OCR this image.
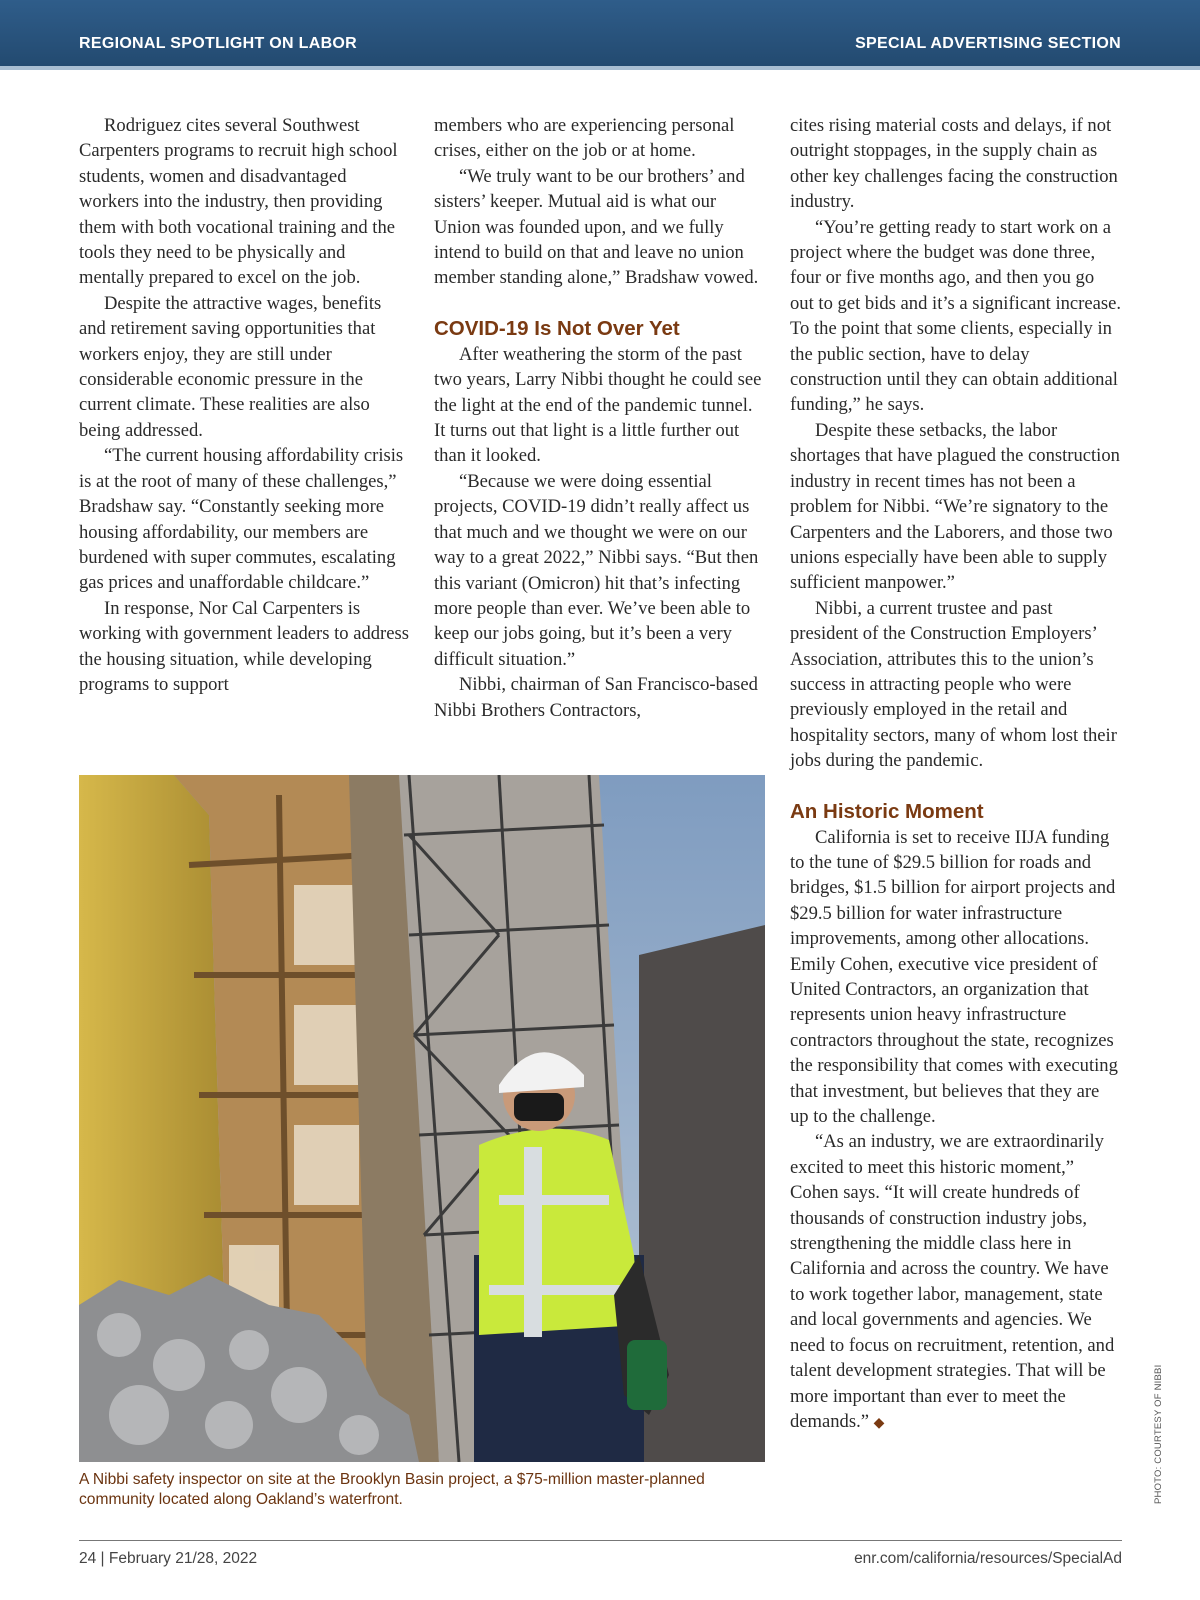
REGIONAL SPOTLIGHT ON LABOR	SPECIAL ADVERTISING SECTION

Rodriguez cites several Southwest Carpenters programs to recruit high school students, women and disadvantaged workers into the industry, then providing them with both vocational training and the tools they need to be physically and mentally prepared to excel on the job.

Despite the attractive wages, benefits and retirement saving opportunities that workers enjoy, they are still under considerable economic pressure in the current climate. These realities are also being addressed.

“The current housing affordability crisis is at the root of many of these challenges,” Bradshaw say. “Constantly seeking more housing affordability, our members are burdened with super commutes, escalating gas prices and unaffordable childcare.”

In response, Nor Cal Carpenters is working with government leaders to address the housing situation, while developing programs to support

members who are experiencing personal crises, either on the job or at home.

“We truly want to be our brothers’ and sisters’ keeper. Mutual aid is what our Union was founded upon, and we fully intend to build on that and leave no union member standing alone,” Bradshaw vowed.

COVID-19 Is Not Over Yet

After weathering the storm of the past two years, Larry Nibbi thought he could see the light at the end of the pandemic tunnel. It turns out that light is a little further out than it looked.

“Because we were doing essential projects, COVID-19 didn’t really affect us that much and we thought we were on our way to a great 2022,” Nibbi says. “But then this variant (Omicron) hit that’s infecting more people than ever. We’ve been able to keep our jobs going, but it’s been a very difficult situation.”

Nibbi, chairman of San Francisco-based Nibbi Brothers Contractors,

cites rising material costs and delays, if not outright stoppages, in the supply chain as other key challenges facing the construction industry.

“You’re getting ready to start work on a project where the budget was done three, four or five months ago, and then you go out to get bids and it’s a significant increase. To the point that some clients, especially in the public section, have to delay construction until they can obtain additional funding,” he says.

Despite these setbacks, the labor shortages that have plagued the construction industry in recent times has not been a problem for Nibbi. “We’re signatory to the Carpenters and the Laborers, and those two unions especially have been able to supply sufficient manpower.”

Nibbi, a current trustee and past president of the Construction Employers’ Association, attributes this to the union’s success in attracting people who were previously employed in the retail and hospitality sectors, many of whom lost their jobs during the pandemic.

An Historic Moment

California is set to receive IIJA funding to the tune of $29.5 billion for roads and bridges, $1.5 billion for airport projects and $29.5 billion for water infrastructure improvements, among other allocations. Emily Cohen, executive vice president of United Contractors, an organization that represents union heavy infrastructure contractors throughout the state, recognizes the responsibility that comes with executing that investment, but believes that they are up to the challenge.

“As an industry, we are extraordinarily excited to meet this historic moment,” Cohen says. “It will create hundreds of thousands of construction industry jobs, strengthening the middle class here in California and across the country. We have to work together labor, management, state and local governments and agencies. We need to focus on recruitment, retention, and talent development strategies. That will be more important than ever to meet the demands.” ◆

A Nibbi safety inspector on site at the Brooklyn Basin project, a $75-million master-planned community located along Oakland’s waterfront.	PHOTO: COURTESY OF NIBBI
24 | February 21/28, 2022	enr.com/california/resources/SpecialAd
